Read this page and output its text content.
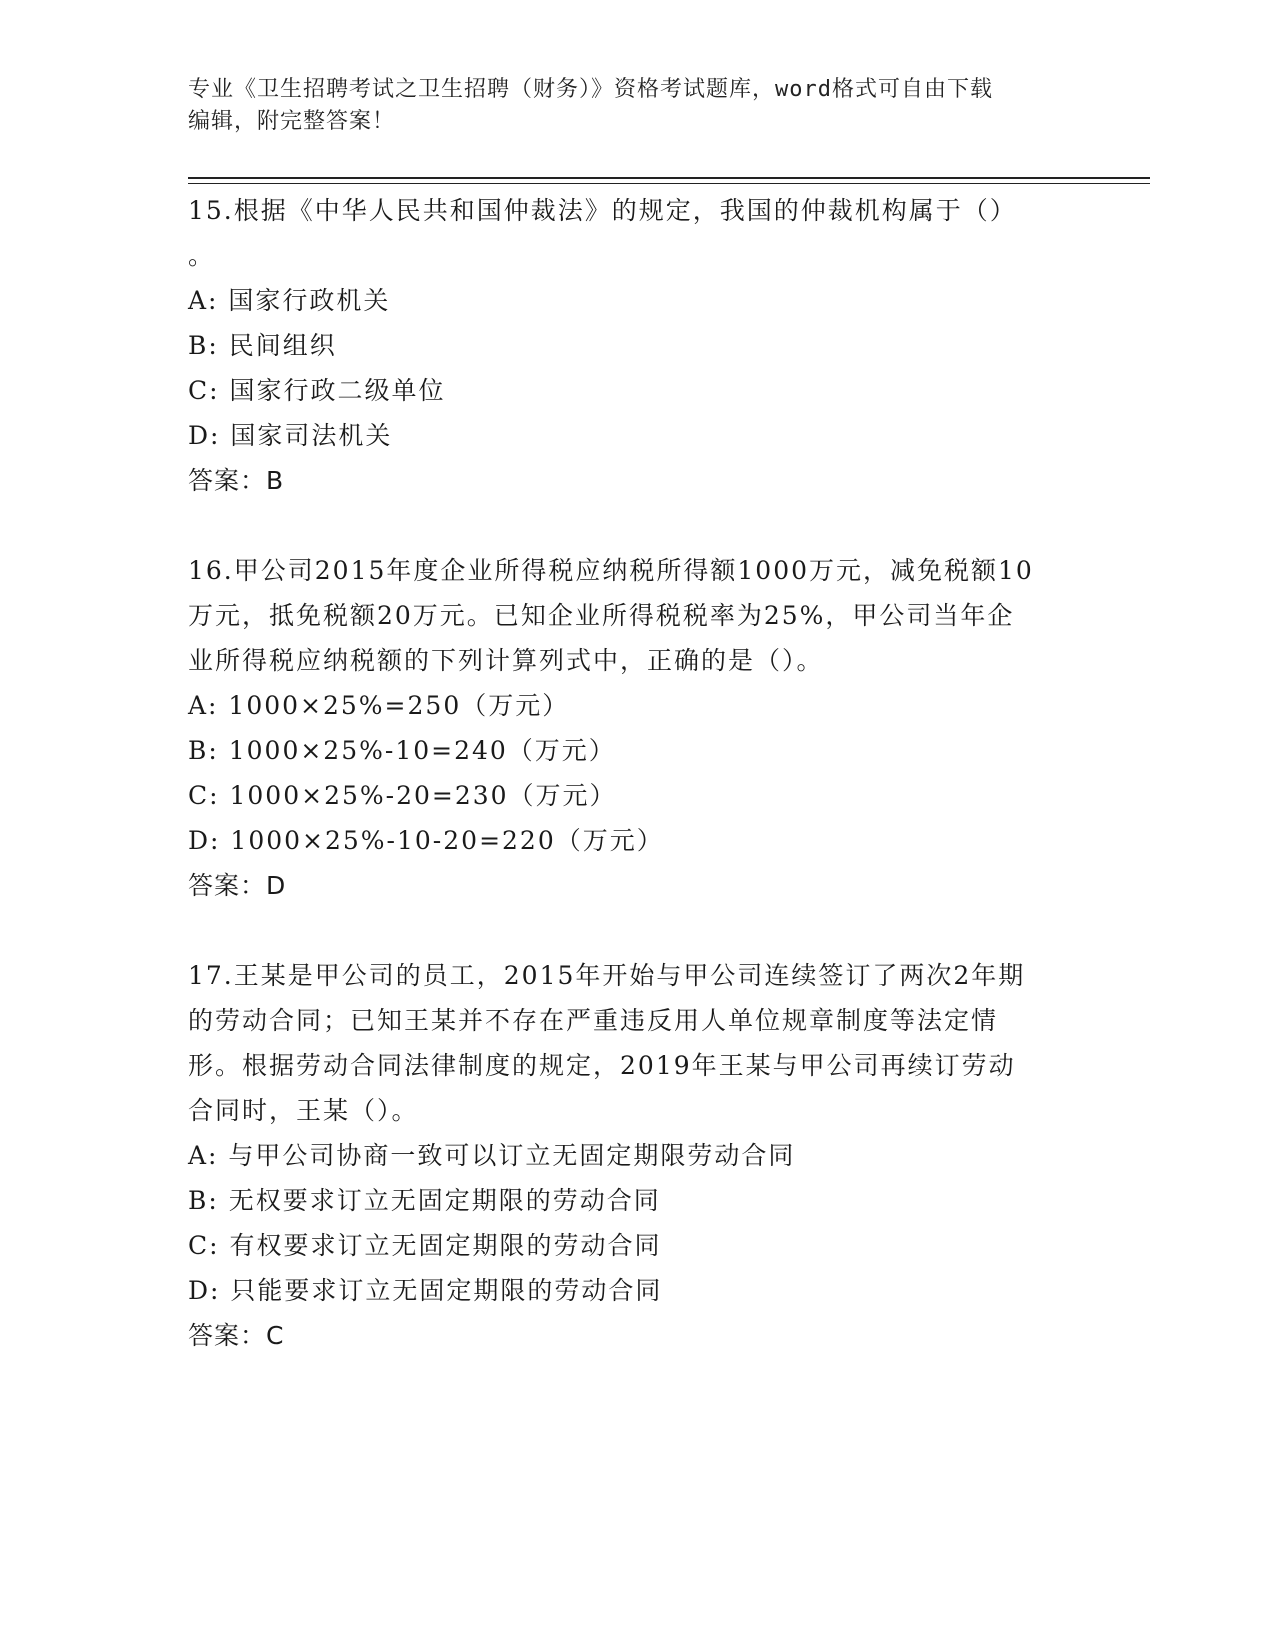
专业《卫生招聘考试之卫生招聘（财务）》资格考试题库，word格式可自由下载
编辑，附完整答案！
15.根据《中华人民共和国仲裁法》的规定，我国的仲裁机构属于（）
。
A: 国家行政机关
B: 民间组织
C: 国家行政二级单位
D: 国家司法机关
答案：B
16.甲公司2015年度企业所得税应纳税所得额1000万元，减免税额10
万元，抵免税额20万元。已知企业所得税税率为25%，甲公司当年企
业所得税应纳税额的下列计算列式中，正确的是（）。
A: 1000×25%=250（万元）
B: 1000×25%-10=240（万元）
C: 1000×25%-20=230（万元）
D: 1000×25%-10-20=220（万元）
答案：D
17.王某是甲公司的员工，2015年开始与甲公司连续签订了两次2年期
的劳动合同；已知王某并不存在严重违反用人单位规章制度等法定情
形。根据劳动合同法律制度的规定，2019年王某与甲公司再续订劳动
合同时，王某（）。
A: 与甲公司协商一致可以订立无固定期限劳动合同
B: 无权要求订立无固定期限的劳动合同
C: 有权要求订立无固定期限的劳动合同
D: 只能要求订立无固定期限的劳动合同
答案：C
